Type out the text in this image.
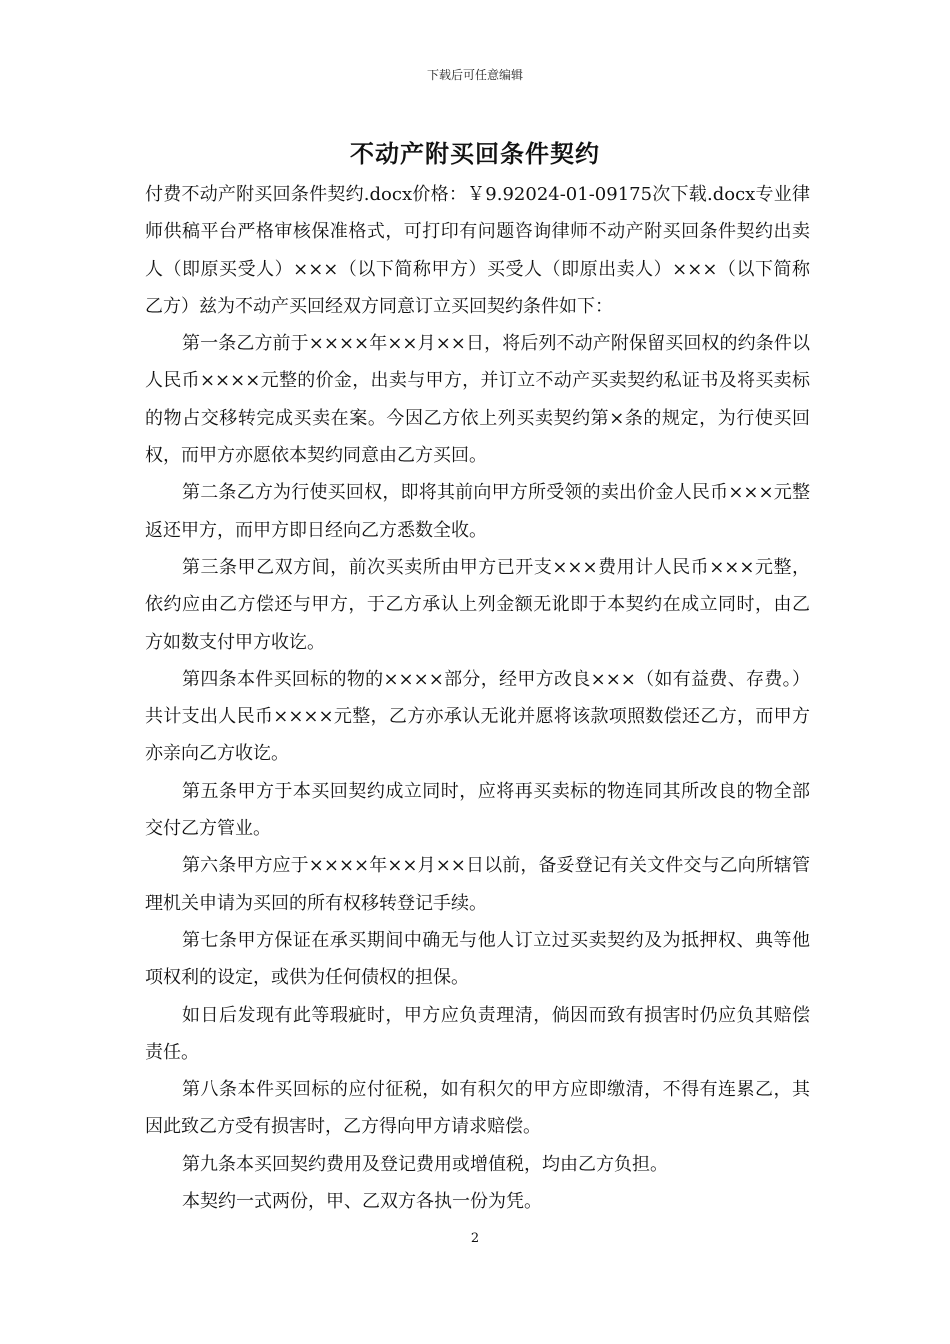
下载后可任意编辑
不动产附买回条件契约

付费不动产附买回条件契约.docx价格：￥9.92024-01-09175次下载.docx专业律师供稿平台严格审核保准格式，可打印有问题咨询律师不动产附买回条件契约出卖人（即原买受人）×××（以下简称甲方）买受人（即原出卖人）×××（以下简称乙方）兹为不动产买回经双方同意订立买回契约条件如下：

第一条乙方前于××××年××月××日，将后列不动产附保留买回权的约条件以人民币××××元整的价金，出卖与甲方，并订立不动产买卖契约私证书及将买卖标的物占交移转完成买卖在案。今因乙方依上列买卖契约第×条的规定，为行使买回权，而甲方亦愿依本契约同意由乙方买回。

第二条乙方为行使买回权，即将其前向甲方所受领的卖出价金人民币×××元整返还甲方，而甲方即日经向乙方悉数全收。

第三条甲乙双方间，前次买卖所由甲方已开支×××费用计人民币×××元整，依约应由乙方偿还与甲方，于乙方承认上列金额无讹即于本契约在成立同时，由乙方如数支付甲方收讫。

第四条本件买回标的物的××××部分，经甲方改良×××（如有益费、存费。）共计支出人民币××××元整，乙方亦承认无讹并愿将该款项照数偿还乙方，而甲方亦亲向乙方收讫。

第五条甲方于本买回契约成立同时，应将再买卖标的物连同其所改良的物全部交付乙方管业。

第六条甲方应于××××年××月××日以前，备妥登记有关文件交与乙向所辖管理机关申请为买回的所有权移转登记手续。

第七条甲方保证在承买期间中确无与他人订立过买卖契约及为抵押权、典等他项权利的设定，或供为任何债权的担保。

如日后发现有此等瑕疵时，甲方应负责理清，倘因而致有损害时仍应负其赔偿责任。

第八条本件买回标的应付征税，如有积欠的甲方应即缴清，不得有连累乙，其因此致乙方受有损害时，乙方得向甲方请求赔偿。

第九条本买回契约费用及登记费用或增值税，均由乙方负担。

本契约一式两份，甲、乙双方各执一份为凭。

2
